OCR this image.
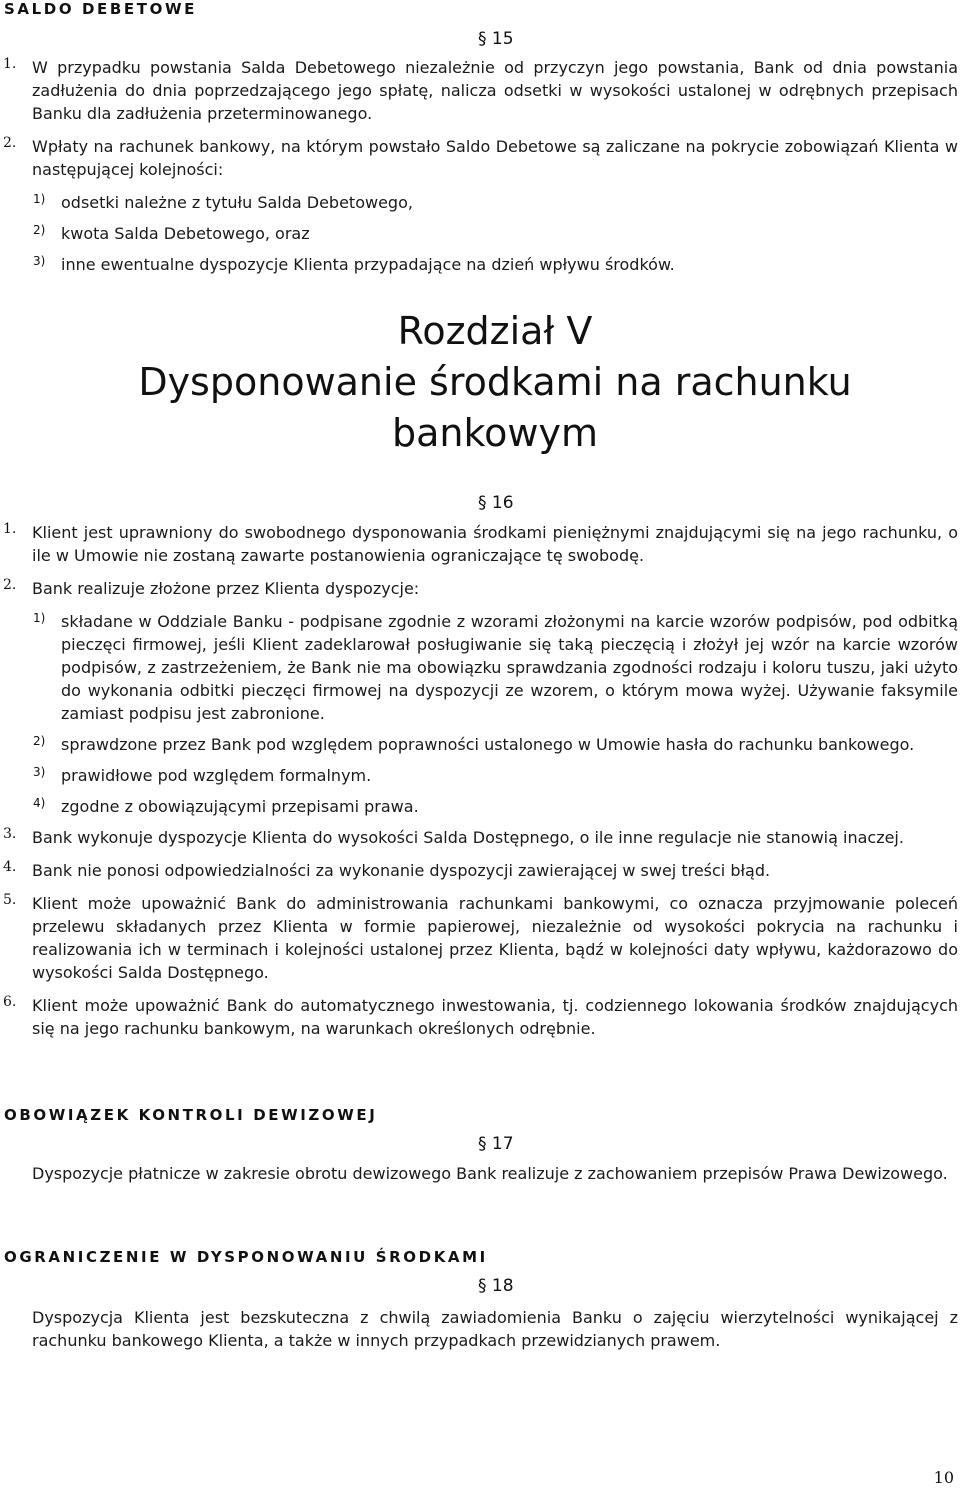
SALDO DEBETOWE
§ 15
1. W przypadku powstania Salda Debetowego niezależnie od przyczyn jego powstania, Bank od dnia powstania zadłużenia do dnia poprzedzającego jego spłatę, nalicza odsetki w wysokości ustalonej w odrębnych przepisach Banku dla zadłużenia przeterminowanego.
2. Wpłaty na rachunek bankowy, na którym powstało Saldo Debetowe są zaliczane na pokrycie zobowiązań Klienta w następującej kolejności:
1) odsetki należne z tytułu Salda Debetowego,
2) kwota Salda Debetowego, oraz
3) inne ewentualne dyspozycje Klienta przypadające na dzień wpływu środków.
Rozdział V
Dysponowanie środkami na rachunku
bankowym
§ 16
1. Klient jest uprawniony do swobodnego dysponowania środkami pieniężnymi znajdującymi się na jego rachunku, o ile w Umowie nie zostaną zawarte postanowienia ograniczające tę swobodę.
2. Bank realizuje złożone przez Klienta dyspozycje:
1) składane w Oddziale Banku - podpisane zgodnie z wzorami złożonymi na karcie wzorów podpisów, pod odbitką pieczęci firmowej, jeśli Klient zadeklarował posługiwanie się taką pieczęcią i złożył jej wzór na karcie wzorów podpisów, z zastrzeżeniem, że Bank nie ma obowiązku sprawdzania zgodności rodzaju i koloru tuszu, jaki użyto do wykonania odbitki pieczęci firmowej na dyspozycji ze wzorem, o którym mowa wyżej. Używanie faksymile zamiast podpisu jest zabronione.
2) sprawdzone przez Bank pod względem poprawności ustalonego w Umowie hasła do rachunku bankowego.
3) prawidłowe pod względem formalnym.
4) zgodne z obowiązującymi przepisami prawa.
3. Bank wykonuje dyspozycje Klienta do wysokości Salda Dostępnego, o ile inne regulacje nie stanowią inaczej.
4. Bank nie ponosi odpowiedzialności za wykonanie dyspozycji zawierającej w swej treści błąd.
5. Klient może upoważnić Bank do administrowania rachunkami bankowymi, co oznacza przyjmowanie poleceń przelewu składanych przez Klienta w formie papierowej, niezależnie od wysokości pokrycia na rachunku i realizowania ich w terminach i kolejności ustalonej przez Klienta, bądź w kolejności daty wpływu, każdorazowo do wysokości Salda Dostępnego.
6. Klient może upoważnić Bank do automatycznego inwestowania, tj. codziennego lokowania środków znajdujących się na jego rachunku bankowym, na warunkach określonych odrębnie.
OBOWIĄZEK KONTROLI DEWIZOWEJ
§ 17
Dyspozycje płatnicze w zakresie obrotu dewizowego Bank realizuje z zachowaniem przepisów Prawa Dewizowego.
OGRANICZENIE W DYSPONOWANIU ŚRODKAMI
§ 18
Dyspozycja Klienta jest bezskuteczna z chwilą zawiadomienia Banku o zajęciu wierzytelności wynikającej z rachunku bankowego Klienta, a także w innych przypadkach przewidzianych prawem.
10
